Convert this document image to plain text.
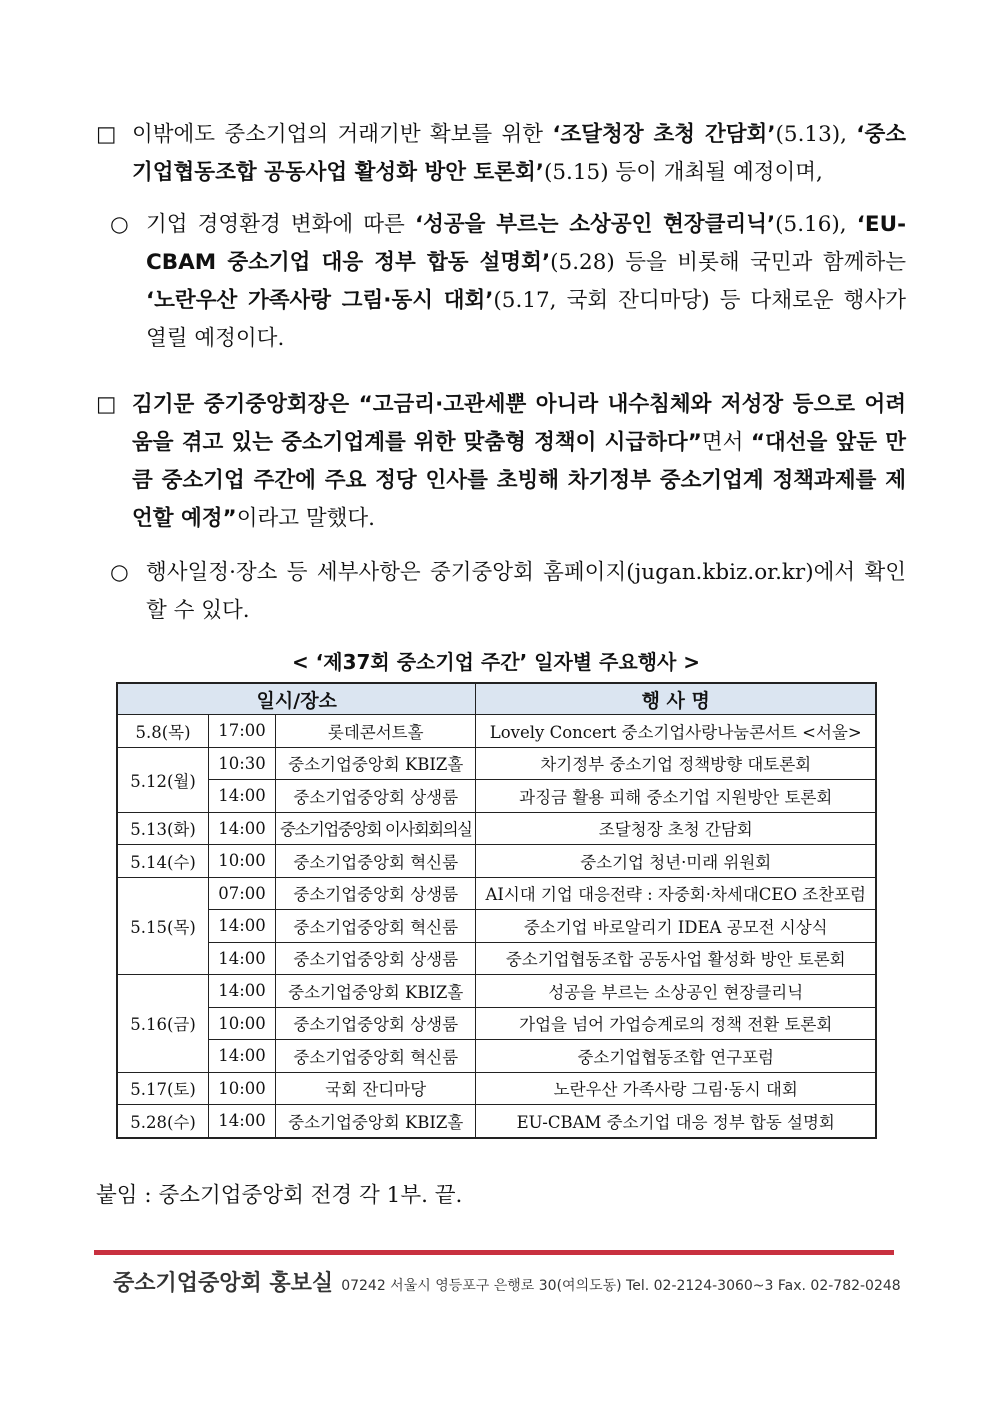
□ 이밖에도 중소기업의 거래기반 확보를 위한 ‘조달청장 초청 간담회’(5.13), ‘중소기업협동조합 공동사업 활성화 방안 토론회’(5.15) 등이 개최될 예정이며,
○ 기업 경영환경 변화에 따른 ‘성공을 부르는 소상공인 현장클리닉’(5.16), ‘EU-CBAM 중소기업 대응 정부 합동 설명회’(5.28) 등을 비롯해 국민과 함께하는 ‘노란우산 가족사랑 그림·동시 대회’(5.17, 국회 잔디마당) 등 다채로운 행사가 열릴 예정이다.
□ 김기문 중기중앙회장은 “고금리·고관세뿐 아니라 내수침체와 저성장 등으로 어려움을 겪고 있는 중소기업계를 위한 맞춤형 정책이 시급하다”면서 “대선을 앞둔 만큼 중소기업 주간에 주요 정당 인사를 초빙해 차기정부 중소기업계 정책과제를 제언할 예정”이라고 말했다.
○ 행사일정·장소 등 세부사항은 중기중앙회 홈페이지(jugan.kbiz.or.kr)에서 확인할 수 있다.
< ‘제37회 중소기업 주간’ 일자별 주요행사 >
일시/장소			행 사 명
5.8(목)	17:00	롯데콘서트홀	Lovely Concert 중소기업사랑나눔콘서트 <서울>
5.12(월)	10:30	중소기업중앙회 KBIZ홀	차기정부 중소기업 정책방향 대토론회
	14:00	중소기업중앙회 상생룸	과징금 활용 피해 중소기업 지원방안 토론회
5.13(화)	14:00	중소기업중앙회 이사회회의실	조달청장 초청 간담회
5.14(수)	10:00	중소기업중앙회 혁신룸	중소기업 청년·미래 위원회
5.15(목)	07:00	중소기업중앙회 상생룸	AI시대 기업 대응전략 : 자중회·차세대CEO 조찬포럼
	14:00	중소기업중앙회 혁신룸	중소기업 바로알리기 IDEA 공모전 시상식
	14:00	중소기업중앙회 상생룸	중소기업협동조합 공동사업 활성화 방안 토론회
5.16(금)	14:00	중소기업중앙회 KBIZ홀	성공을 부르는 소상공인 현장클리닉
	10:00	중소기업중앙회 상생룸	가업을 넘어 가업승계로의 정책 전환 토론회
	14:00	중소기업중앙회 혁신룸	중소기업협동조합 연구포럼
5.17(토)	10:00	국회 잔디마당	노란우산 가족사랑 그림·동시 대회
5.28(수)	14:00	중소기업중앙회 KBIZ홀	EU-CBAM 중소기업 대응 정부 합동 설명회
붙임 : 중소기업중앙회 전경 각 1부. 끝.
중소기업중앙회 홍보실 07242 서울시 영등포구 은행로 30(여의도동) Tel. 02-2124-3060~3 Fax. 02-782-0248
